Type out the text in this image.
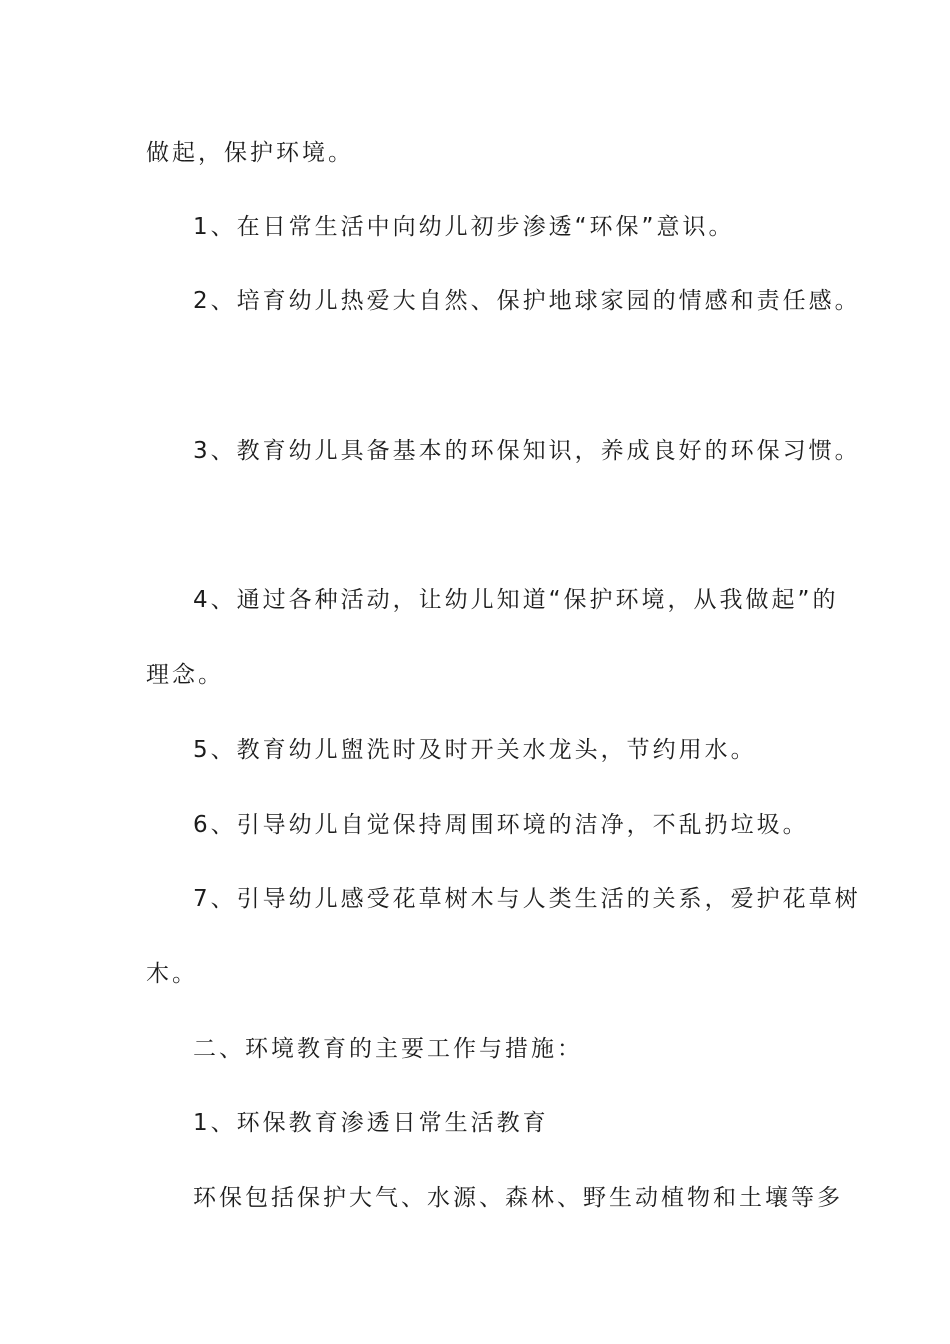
做起，保护环境。
1、在日常生活中向幼儿初步渗透“环保”意识。
2、培育幼儿热爱大自然、保护地球家园的情感和责任感。
3、教育幼儿具备基本的环保知识，养成良好的环保习惯。
4、通过各种活动，让幼儿知道“保护环境，从我做起”的
理念。
5、教育幼儿盥洗时及时开关水龙头，节约用水。
6、引导幼儿自觉保持周围环境的洁净，不乱扔垃圾。
7、引导幼儿感受花草树木与人类生活的关系，爱护花草树
木。
二、环境教育的主要工作与措施：
1、环保教育渗透日常生活教育
环保包括保护大气、水源、森林、野生动植物和土壤等多
